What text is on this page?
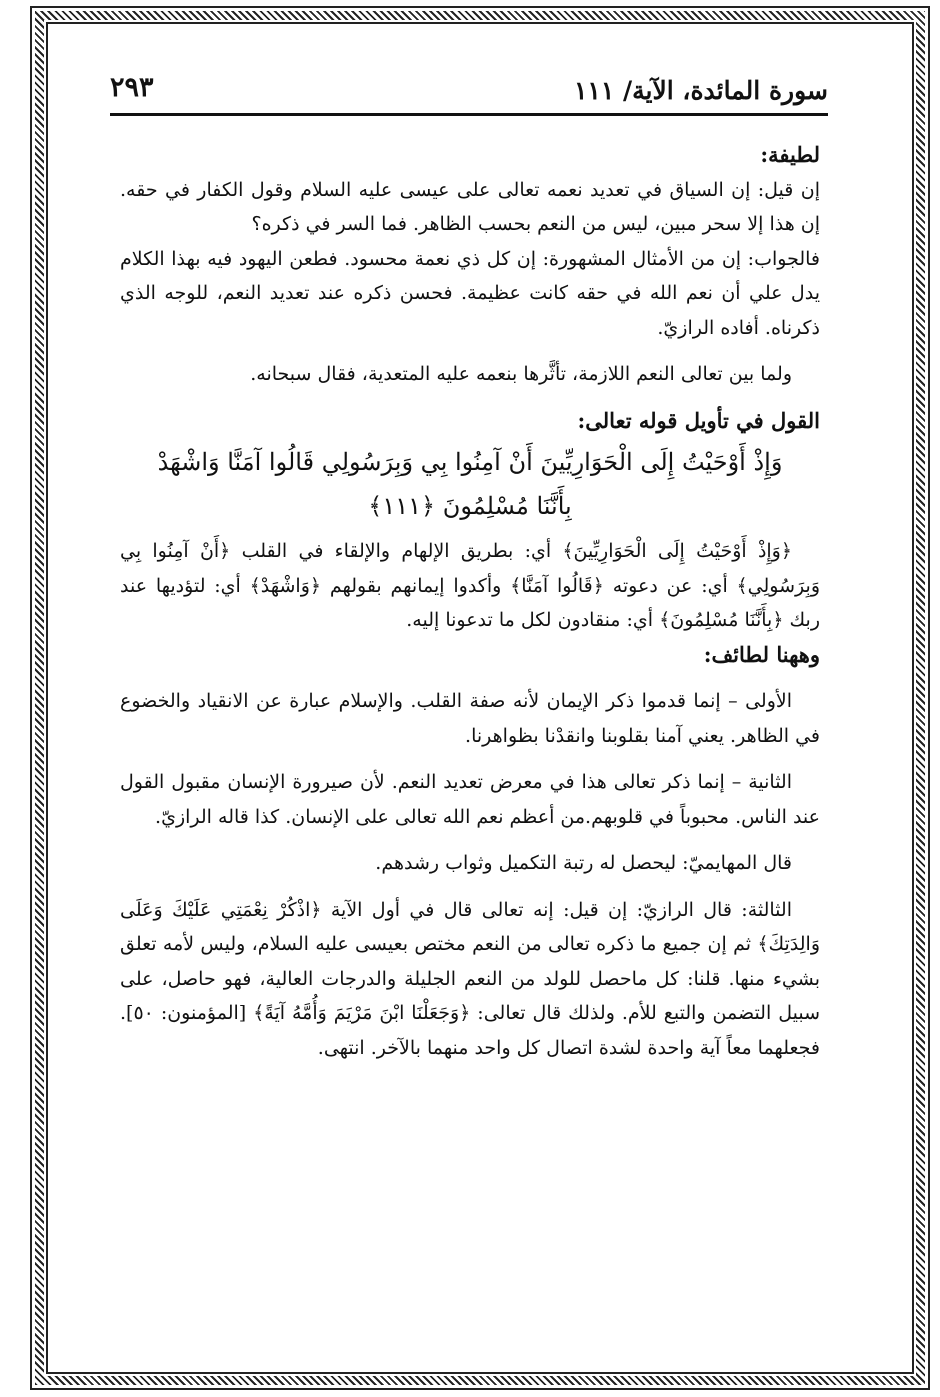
سورة المائدة، الآية/ ١١١
٢٩٣

لطيفة:

إن قيل: إن السياق في تعديد نعمه تعالى على عيسى عليه السلام وقول الكفار في حقه. إن هذا إلا سحر مبين، ليس من النعم بحسب الظاهر. فما السر في ذكره؟

فالجواب: إن من الأمثال المشهورة: إن كل ذي نعمة محسود. فطعن اليهود فيه بهذا الكلام يدل علي أن نعم الله في حقه كانت عظيمة. فحسن ذكره عند تعديد النعم، للوجه الذي ذكرناه. أفاده الرازيّ.

ولما بين تعالى النعم اللازمة، تأثَّرها بنعمه عليه المتعدية، فقال سبحانه.

القول في تأويل قوله تعالى:

وَإِذْ أَوْحَيْتُ إِلَى الْحَوَارِيِّينَ أَنْ آمِنُوا بِي وَبِرَسُولِي قَالُوا آمَنَّا وَاشْهَدْ

بِأَنَّنَا مُسْلِمُونَ ﴿١١١﴾

﴿وَإِذْ أَوْحَيْتُ إِلَى الْحَوَارِيِّينَ﴾ أي: بطريق الإلهام والإلقاء في القلب ﴿أَنْ آمِنُوا بِي وَبِرَسُولِي﴾ أي: عن دعوته ﴿قَالُوا آمَنَّا﴾ وأكدوا إيمانهم بقولهم ﴿وَاشْهَدْ﴾ أي: لتؤديها عند ربك ﴿بِأَنَّنَا مُسْلِمُونَ﴾ أي: منقادون لكل ما تدعونا إليه.

وههنا لطائف:

الأولى – إنما قدموا ذكر الإيمان لأنه صفة القلب. والإسلام عبارة عن الانقياد والخضوع في الظاهر. يعني آمنا بقلوبنا وانقدْنا بظواهرنا.

الثانية – إنما ذكر تعالى هذا في معرض تعديد النعم. لأن صيرورة الإنسان مقبول القول عند الناس. محبوباً في قلوبهم.من أعظم نعم الله تعالى على الإنسان. كذا قاله الرازيّ.

قال المهايميّ: ليحصل له رتبة التكميل وثواب رشدهم.

الثالثة: قال الرازيّ: إن قيل: إنه تعالى قال في أول الآية ﴿اذْكُرْ نِعْمَتِي عَلَيْكَ وَعَلَى وَالِدَتِكَ﴾ ثم إن جميع ما ذكره تعالى من النعم مختص بعيسى عليه السلام، وليس لأمه تعلق بشيء منها. قلنا: كل ماحصل للولد من النعم الجليلة والدرجات العالية، فهو حاصل، على سبيل التضمن والتبع للأم. ولذلك قال تعالى: ﴿وَجَعَلْنَا ابْنَ مَرْيَمَ وَأُمَّهُ آيَةً﴾ [المؤمنون: ٥٠]. فجعلهما معاً آية واحدة لشدة اتصال كل واحد منهما بالآخر. انتهى.
